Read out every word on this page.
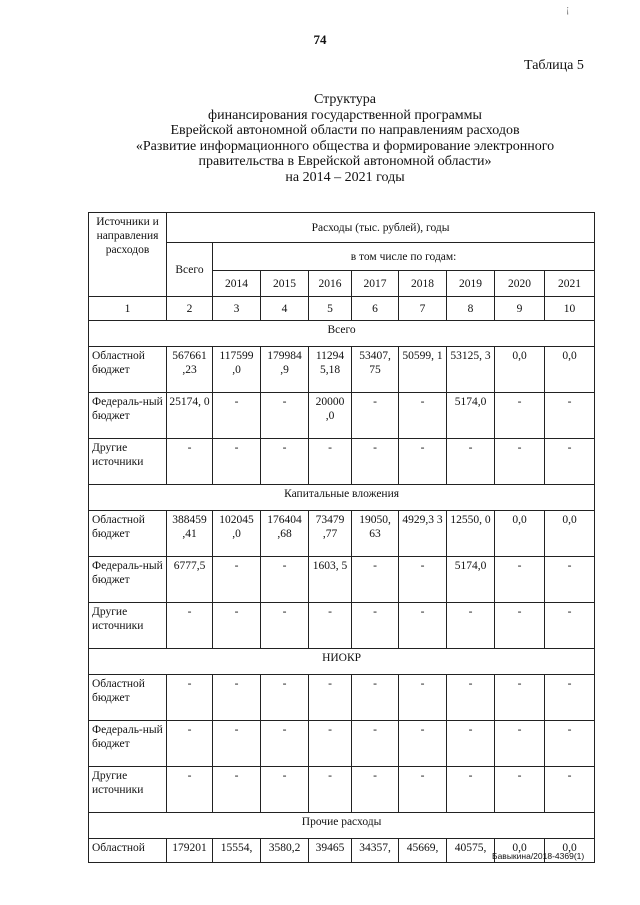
¡
74
Таблица 5
Структура
финансирования государственной программы
Еврейской автономной области по направлениям расходов
«Развитие информационного общества и формирование электронного
правительства в Еврейской автономной области»
на 2014 – 2021 годы
Источники и направления расходов	Расходы (тыс. рублей), годы								
	Всего	в том числе по годам:							
		2014	2015	2016	2017	2018	2019	2020	2021
1	2	3	4	5	6	7	8	9	10
Всего									
Областной бюджет	567661 ,23	117599 ,0	179984 ,9	11294 5,18	53407, 75	50599, 1	53125, 3	0,0	0,0
Федераль-ный бюджет	25174, 0	-	-	20000 ,0	-	-	5174,0	-	-
Другие источники	-	-	-	-	-	-	-	-	-
Капитальные вложения									
Областной бюджет	388459 ,41	102045 ,0	176404 ,68	73479 ,77	19050, 63	4929,3 3	12550, 0	0,0	0,0
Федераль-ный бюджет	6777,5	-	-	1603, 5	-	-	5174,0	-	-
Другие источники	-	-	-	-	-	-	-	-	-
НИОКР									
Областной бюджет	-	-	-	-	-	-	-	-	-
Федераль-ный бюджет	-	-	-	-	-	-	-	-	-
Другие источники	-	-	-	-	-	-	-	-	-
Прочие расходы									
Областной	179201	15554,	3580,2	39465	34357,	45669,	40575,	0,0	0,0
Бавыкина/2018-4369(1)
